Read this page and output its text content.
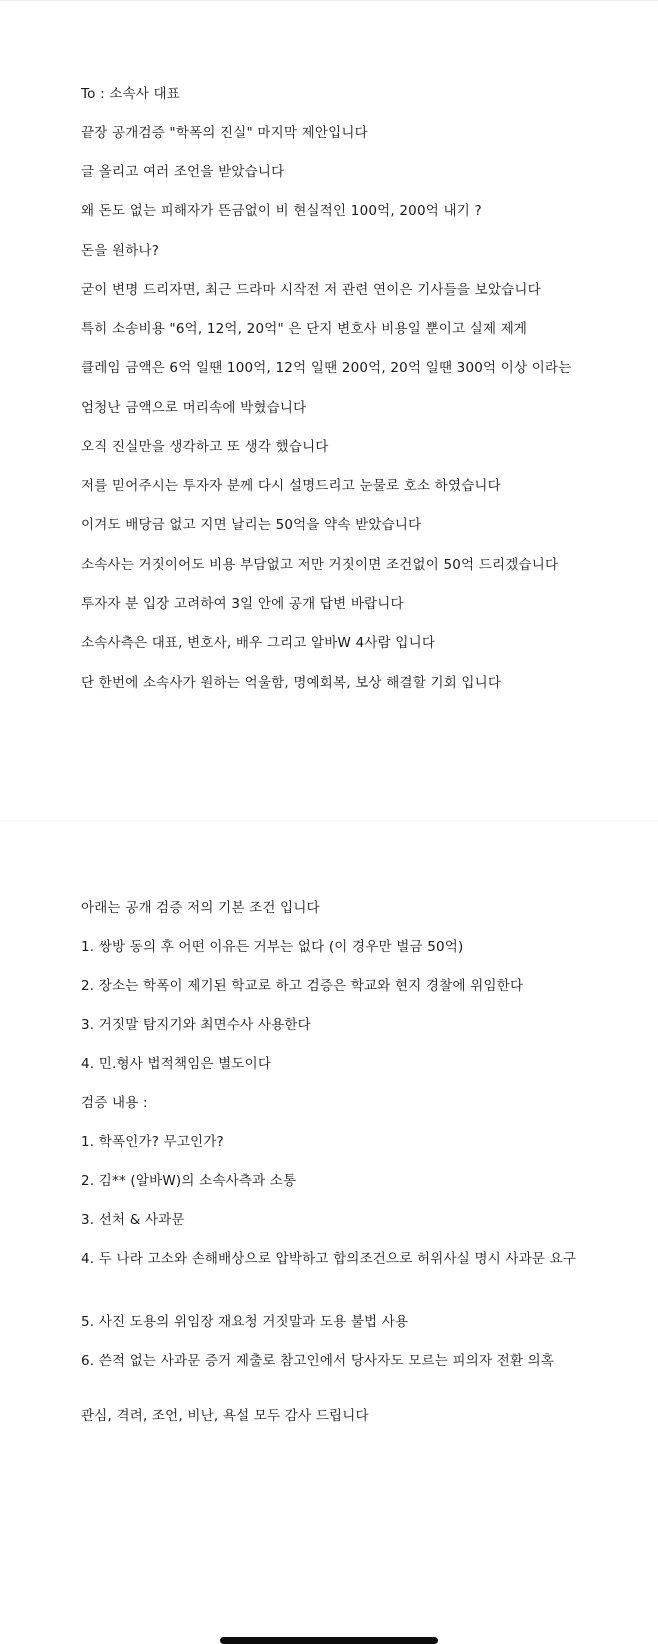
To : 소속사 대표
끝장 공개검증 "학폭의 진실" 마지막 제안입니다
글 올리고 여러 조언을 받았습니다
왜 돈도 없는 피해자가 뜬금없이 비 현실적인 100억, 200억 내기 ?
돈을 원하나?
굳이 변명 드리자면, 최근 드라마 시작전 저 관련 연이은 기사들을 보았습니다
특히 소송비용 "6억, 12억, 20억" 은 단지 변호사 비용일 뿐이고 실제 제게
클레임 금액은 6억 일땐 100억, 12억 일땐 200억, 20억 일땐 300억 이상 이라는
엄청난 금액으로 머리속에 박혔습니다
오직 진실만을 생각하고 또 생각 했습니다
저를 믿어주시는 투자자 분께 다시 설명드리고 눈물로 호소 하였습니다
이겨도 배당금 없고 지면 날리는 50억을 약속 받았습니다
소속사는 거짓이어도 비용 부담없고 저만 거짓이면 조건없이 50억 드리겠습니다
투자자 분 입장 고려하여 3일 안에 공개 답변 바랍니다
소속사측은 대표, 변호사, 배우 그리고 알바W 4사람 입니다
단 한번에 소속사가 원하는 억울함, 명예회복, 보상 해결할 기회 입니다
아래는 공개 검증 저의 기본 조건 입니다
1. 쌍방 동의 후 어떤 이유든 거부는 없다 (이 경우만 벌금 50억)
2. 장소는 학폭이 제기된 학교로 하고 검증은 학교와 현지 경찰에 위임한다
3. 거짓말 탐지기와 최면수사 사용한다
4. 민.형사 법적책임은 별도이다
검증 내용 :
1. 학폭인가? 무고인가?
2. 김** (알바W)의 소속사측과 소통
3. 선처 & 사과문
4. 두 나라 고소와 손해배상으로 압박하고 합의조건으로 허위사실 명시 사과문 요구
5. 사진 도용의 위임장 재요청 거짓말과 도용 불법 사용
6. 쓴적 없는 사과문 증거 제출로 참고인에서 당사자도 모르는 피의자 전환 의혹
관심, 격려, 조언, 비난, 욕설 모두 감사 드립니다
